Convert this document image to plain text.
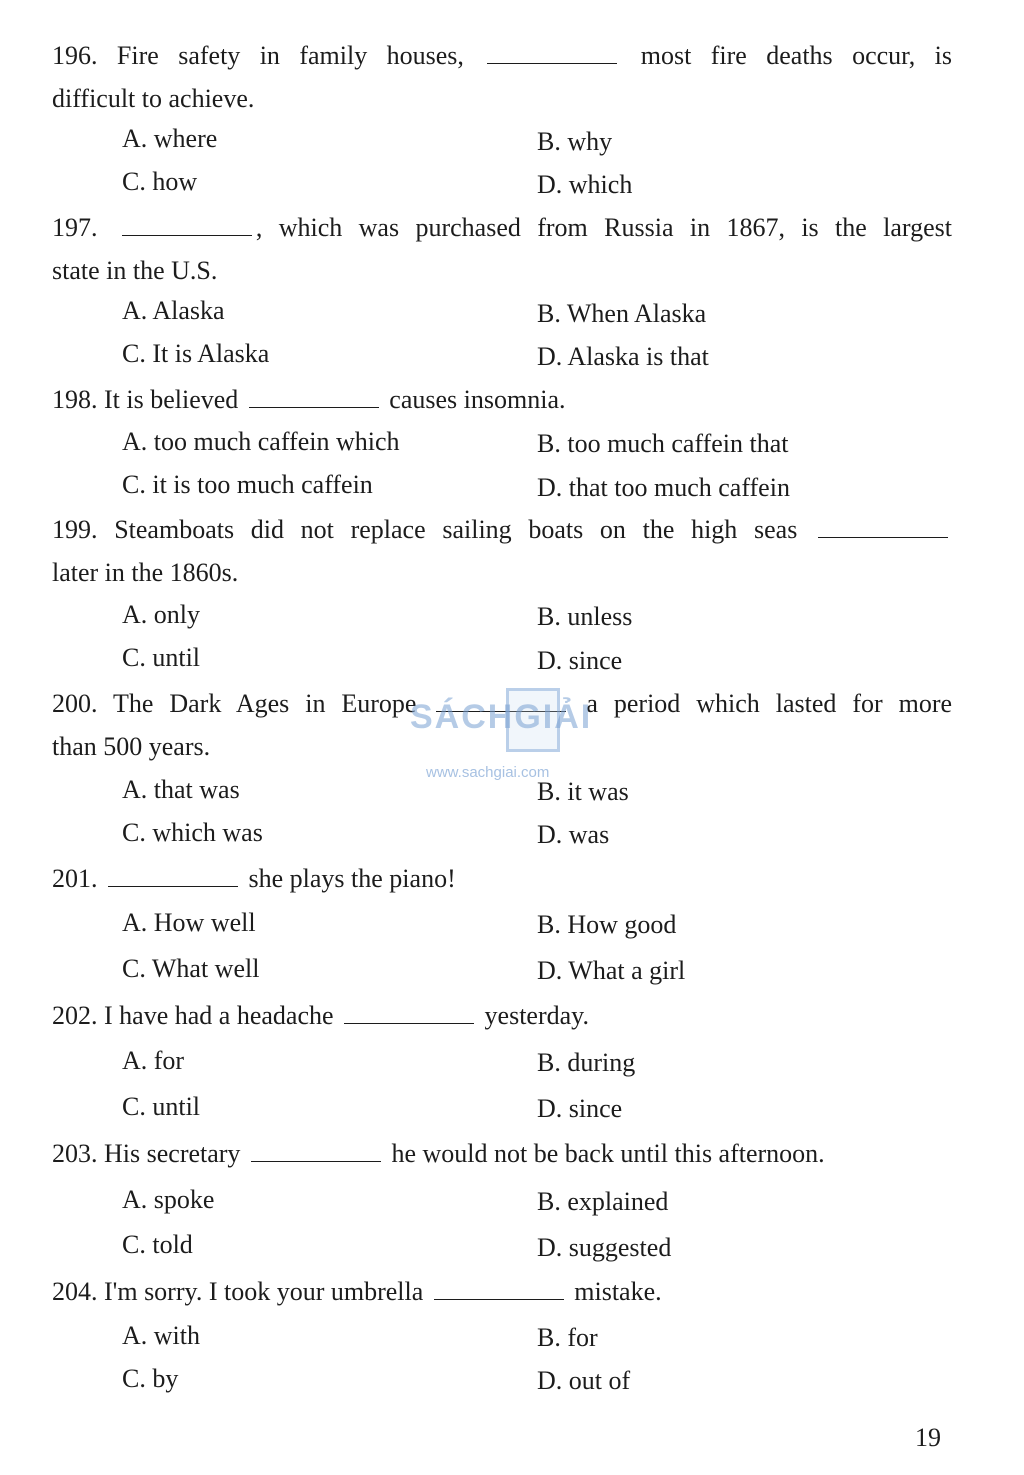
196. Fire safety in family houses,	most fire deaths occur, is
difficult to achieve.
A. where	B. why
C. how	D. which
197.	, which was purchased from Russia in 1867, is the largest
state in the U.S.
A. Alaska	B. When Alaska
C. It is Alaska	D. Alaska is that
198. It is believed	causes insomnia.
A. too much caffein which	B. too much caffein that
C. it is too much caffein	D. that too much caffein
199. Steamboats did not replace sailing boats on the high seas
later in the 1860s.
A. only	B. unless
C. until	D. since
200. The Dark Ages in Europe	a period which lasted for more
than 500 years.
A. that was	B. it was
C. which was	D. was
201.	she plays the piano!
A. How well	B. How good
C. What well	D. What a girl
202. I have had a headache	yesterday.
A. for	B. during
C. until	D. since
203. His secretary	he would not be back until this afternoon.
A. spoke	B. explained
C. told	D. suggested
204. I'm sorry. I took your umbrella	mistake.
A. with	B. for
C. by	D. out of
19
SÁCHGIẢI
www.sachgiai.com
